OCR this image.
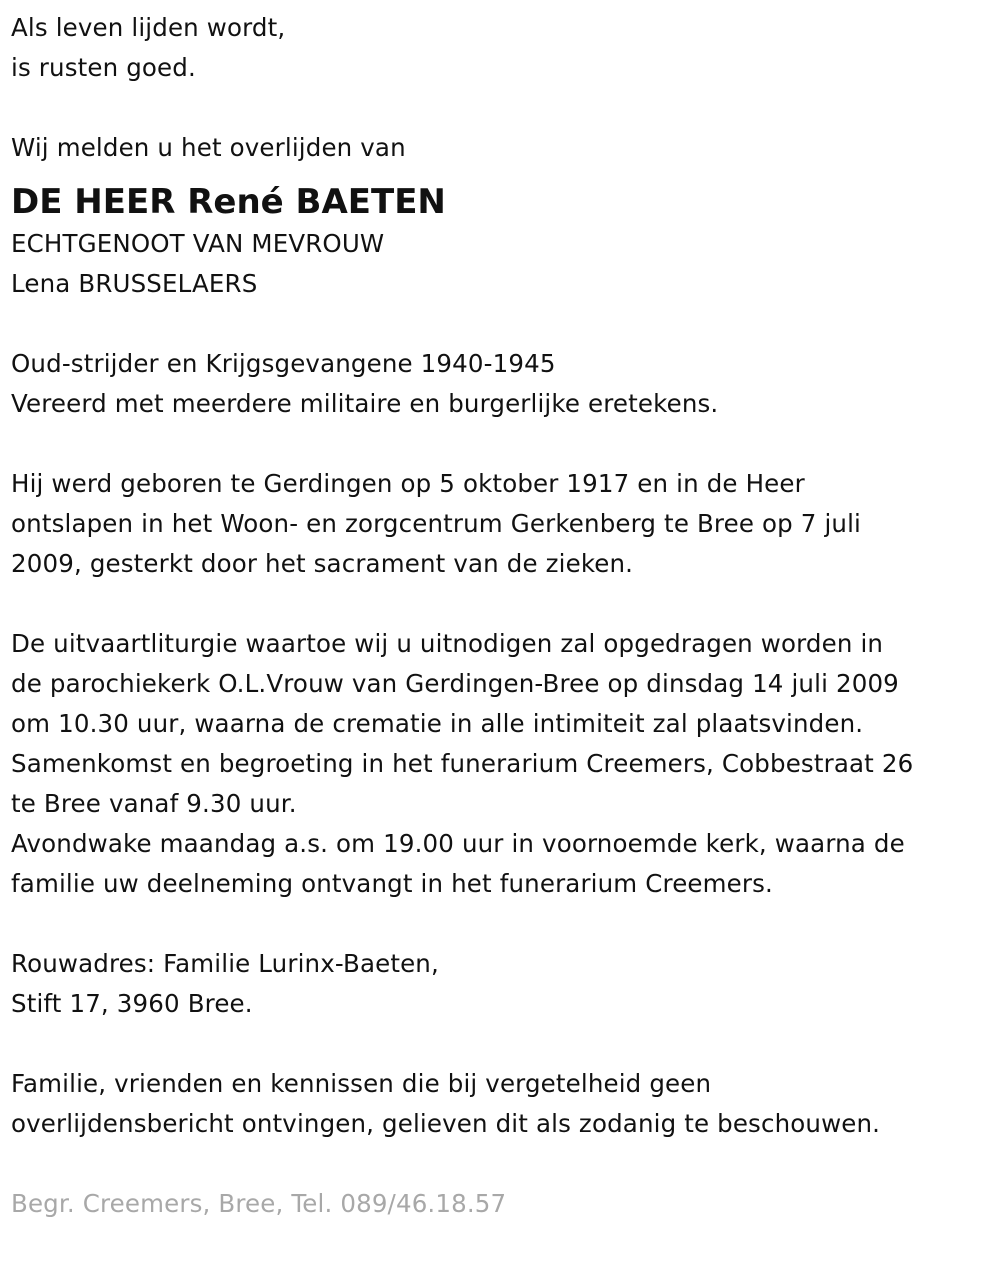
Als leven lijden wordt,
is rusten goed.
Wij melden u het overlijden van
DE HEER René BAETEN
ECHTGENOOT VAN MEVROUW
Lena BRUSSELAERS
Oud-strijder en Krijgsgevangene 1940-1945
Vereerd met meerdere militaire en burgerlijke eretekens.
Hij werd geboren te Gerdingen op 5 oktober 1917 en in de Heer
ontslapen in het Woon- en zorgcentrum Gerkenberg te Bree op 7 juli
2009, gesterkt door het sacrament van de zieken.
De uitvaartliturgie waartoe wij u uitnodigen zal opgedragen worden in
de parochiekerk O.L.Vrouw van Gerdingen-Bree op dinsdag 14 juli 2009
om 10.30 uur, waarna de crematie in alle intimiteit zal plaatsvinden.
Samenkomst en begroeting in het funerarium Creemers, Cobbestraat 26
te Bree vanaf 9.30 uur.
Avondwake maandag a.s. om 19.00 uur in voornoemde kerk, waarna de
familie uw deelneming ontvangt in het funerarium Creemers.
Rouwadres: Familie Lurinx-Baeten,
Stift 17, 3960 Bree.
Familie, vrienden en kennissen die bij vergetelheid geen
overlijdensbericht ontvingen, gelieven dit als zodanig te beschouwen.
Begr. Creemers, Bree, Tel. 089/46.18.57
